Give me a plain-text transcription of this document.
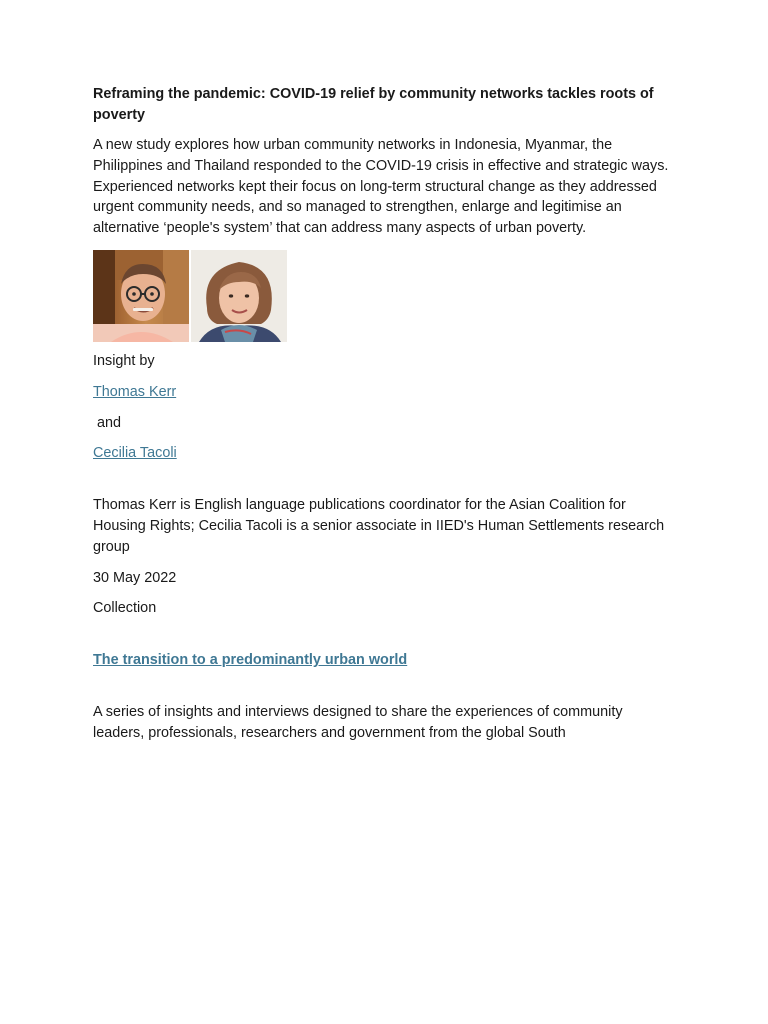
Reframing the pandemic: COVID-19 relief by community networks tackles roots of poverty

A new study explores how urban community networks in Indonesia, Myanmar, the Philippines and Thailand responded to the COVID-19 crisis in effective and strategic ways. Experienced networks kept their focus on long-term structural change as they addressed urgent community needs, and so managed to strengthen, enlarge and legitimise an alternative ‘people's system’ that can address many aspects of urban poverty.

Insight by

Thomas Kerr

and

Cecilia Tacoli

Thomas Kerr is English language publications coordinator for the Asian Coalition for Housing Rights; Cecilia Tacoli is a senior associate in IIED's Human Settlements research group

30 May 2022

Collection

The transition to a predominantly urban world

A series of insights and interviews designed to share the experiences of community leaders, professionals, researchers and government from the global South
